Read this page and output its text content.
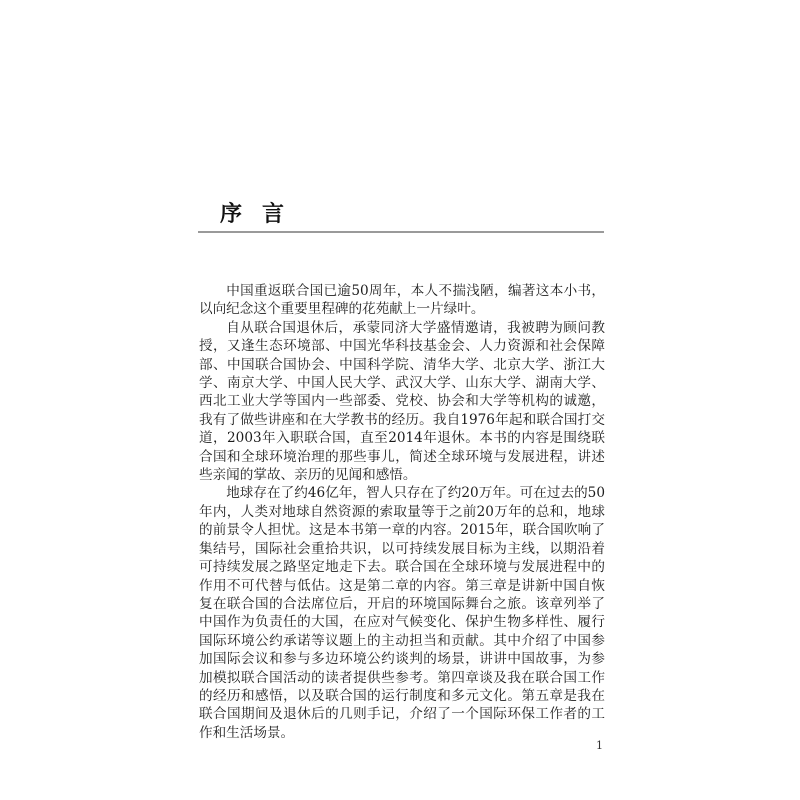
序言

中国重返联合国已逾50周年，本人不揣浅陋，编著这本小书，以向纪念这个重要里程碑的花苑献上一片绿叶。

自从联合国退休后，承蒙同济大学盛情邀请，我被聘为顾问教授，又逢生态环境部、中国光华科技基金会、人力资源和社会保障部、中国联合国协会、中国科学院、清华大学、北京大学、浙江大学、南京大学、中国人民大学、武汉大学、山东大学、湖南大学、西北工业大学等国内一些部委、党校、协会和大学等机构的诚邀，我有了做些讲座和在大学教书的经历。我自1976年起和联合国打交道，2003年入职联合国，直至2014年退休。本书的内容是围绕联合国和全球环境治理的那些事儿，简述全球环境与发展进程，讲述些亲闻的掌故、亲历的见闻和感悟。

地球存在了约46亿年，智人只存在了约20万年。可在过去的50年内，人类对地球自然资源的索取量等于之前20万年的总和，地球的前景令人担忧。这是本书第一章的内容。2015年，联合国吹响了集结号，国际社会重拾共识，以可持续发展目标为主线，以期沿着可持续发展之路坚定地走下去。联合国在全球环境与发展进程中的作用不可代替与低估。这是第二章的内容。第三章是讲新中国自恢复在联合国的合法席位后，开启的环境国际舞台之旅。该章列举了中国作为负责任的大国，在应对气候变化、保护生物多样性、履行国际环境公约承诺等议题上的主动担当和贡献。其中介绍了中国参加国际会议和参与多边环境公约谈判的场景，讲讲中国故事，为参加模拟联合国活动的读者提供些参考。第四章谈及我在联合国工作的经历和感悟，以及联合国的运行制度和多元文化。第五章是我在联合国期间及退休后的几则手记，介绍了一个国际环保工作者的工作和生活场景。

1
